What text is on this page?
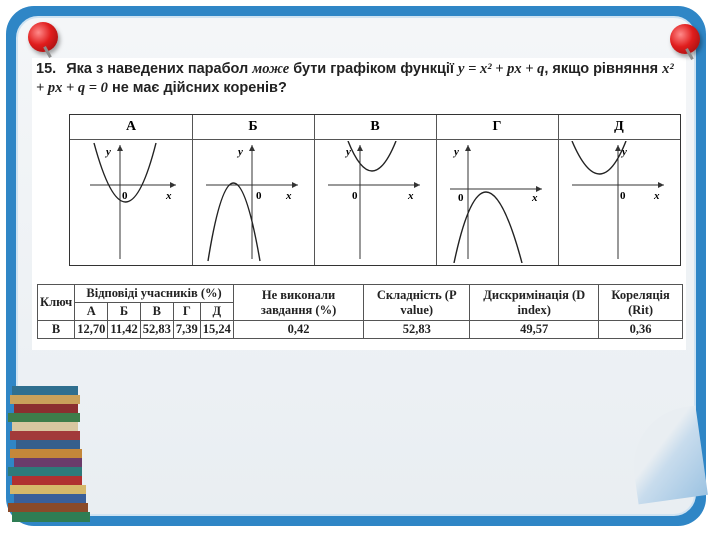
15. Яка з наведених парабол може бути графіком функції y = x² + px + q, якщо рівняння x² + px + q = 0 не має дійсних коренів?
А
y
x
0
Б
y
x
0
В
y
x
0
Г
y
x
0
Д
y
x
0
Ключ	Відповіді учасників (%)					Не виконали завдання (%)	Складність (P value)	Дискримінація (D index)	Кореляція (Rit)
	А	Б	В	Г	Д				
В	12,70	11,42	52,83	7,39	15,24	0,42	52,83	49,57	0,36
